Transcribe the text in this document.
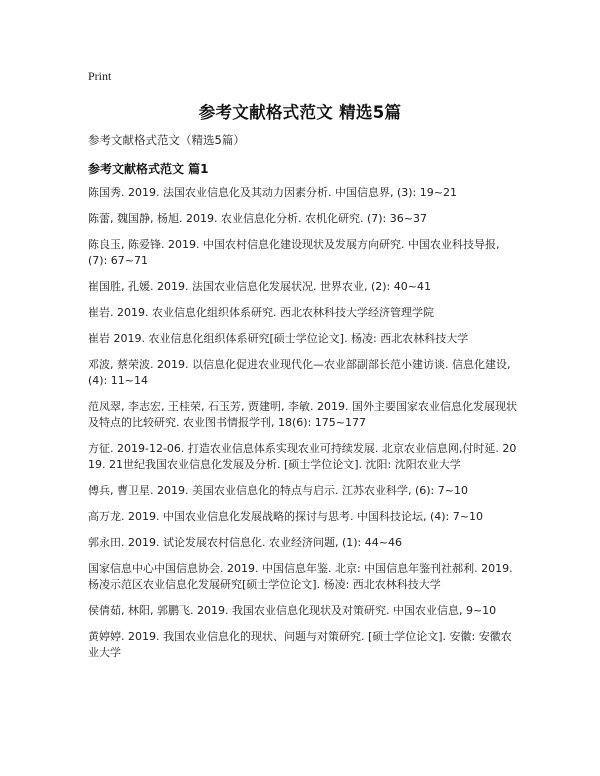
Print
参考文献格式范文 精选5篇
参考文献格式范文（精选5篇）
参考文献格式范文 篇1
陈国秀. 2019. 法国农业信息化及其动力因素分析. 中国信息界, (3): 19~21
陈蕾, 魏国静, 杨旭. 2019. 农业信息化分析. 农机化研究. (7): 36~37
陈良玉, 陈爱锋. 2019. 中国农村信息化建设现状及发展方向研究. 中国农业科技导报, (7): 67~71
崔国胜, 孔媛. 2019. 法国农业信息化发展状况. 世界农业, (2): 40~41
崔岩. 2019. 农业信息化组织体系研究. 西北农林科技大学经济管理学院
崔岩 2019. 农业信息化组织体系研究[硕士学位论文]. 杨凌: 西北农林科技大学
邓波, 蔡荣波. 2019. 以信息化促进农业现代化—农业部副部长范小建访谈. 信息化建设, (4): 11~14
范凤翠, 李志宏, 王桂荣, 石玉芳, 贾建明, 李敏. 2019. 国外主要国家农业信息化发展现状及特点的比较研究. 农业图书情报学刊, 18(6): 175~177
方征. 2019-12-06. 打造农业信息体系实现农业可持续发展. 北京农业信息网,付时延. 2019. 21世纪我国农业信息化发展及分析. [硕士学位论文]. 沈阳: 沈阳农业大学
傅兵, 曹卫星. 2019. 美国农业信息化的特点与启示. 江苏农业科学, (6): 7~10
高万龙. 2019. 中国农业信息化发展战略的探讨与思考. 中国科技论坛, (4): 7~10
郭永田. 2019. 试论发展农村信息化. 农业经济问题, (1): 44~46
国家信息中心中国信息协会. 2019. 中国信息年鉴. 北京: 中国信息年鉴刊社郝利. 2019. 杨凌示范区农业信息化发展研究[硕士学位论文]. 杨凌: 西北农林科技大学
侯倩茹, 林阳, 郭鹏飞. 2019. 我国农业信息化现状及对策研究. 中国农业信息, 9~10
黄婷婷. 2019. 我国农业信息化的现状、问题与对策研究. [硕士学位论文]. 安徽: 安徽农业大学
